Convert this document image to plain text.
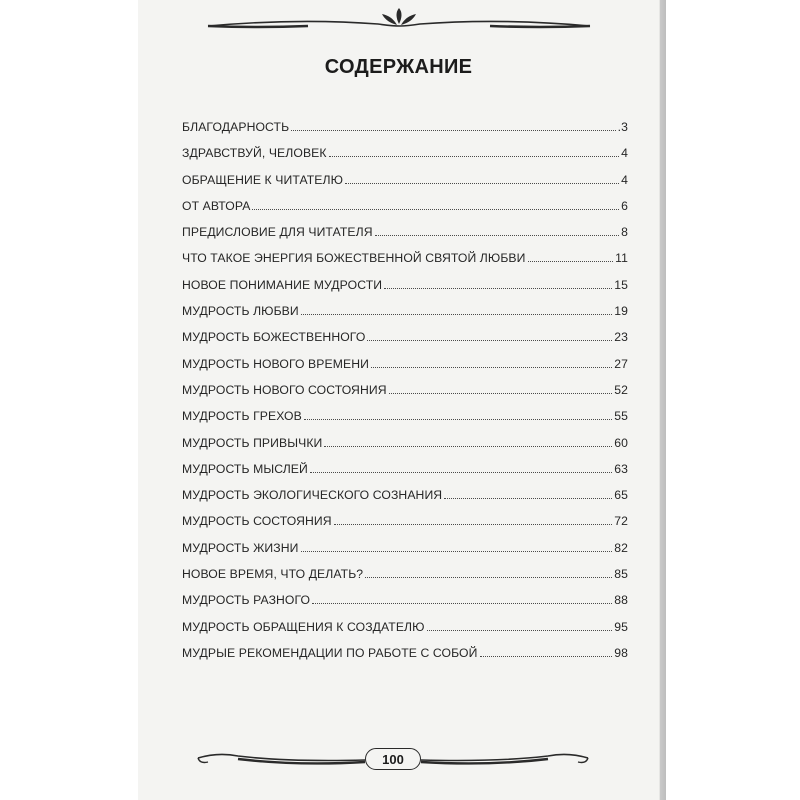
СОДЕРЖАНИЕ
БЛАГОДАРНОСТЬ	.3
ЗДРАВСТВУЙ, ЧЕЛОВЕК	4
ОБРАЩЕНИЕ К ЧИТАТЕЛЮ	4
ОТ АВТОРА	6
ПРЕДИСЛОВИЕ ДЛЯ ЧИТАТЕЛЯ	8
ЧТО ТАКОЕ ЭНЕРГИЯ БОЖЕСТВЕННОЙ СВЯТОЙ ЛЮБВИ	11
НОВОЕ ПОНИМАНИЕ МУДРОСТИ	15
МУДРОСТЬ ЛЮБВИ	19
МУДРОСТЬ БОЖЕСТВЕННОГО	23
МУДРОСТЬ НОВОГО ВРЕМЕНИ	27
МУДРОСТЬ НОВОГО СОСТОЯНИЯ	52
МУДРОСТЬ ГРЕХОВ	55
МУДРОСТЬ ПРИВЫЧКИ	60
МУДРОСТЬ МЫСЛЕЙ	63
МУДРОСТЬ ЭКОЛОГИЧЕСКОГО СОЗНАНИЯ	65
МУДРОСТЬ СОСТОЯНИЯ	72
МУДРОСТЬ ЖИЗНИ	82
НОВОЕ ВРЕМЯ, ЧТО ДЕЛАТЬ?	85
МУДРОСТЬ РАЗНОГО	88
МУДРОСТЬ ОБРАЩЕНИЯ К СОЗДАТЕЛЮ	95
МУДРЫЕ РЕКОМЕНДАЦИИ ПО РАБОТЕ С СОБОЙ	98
100
